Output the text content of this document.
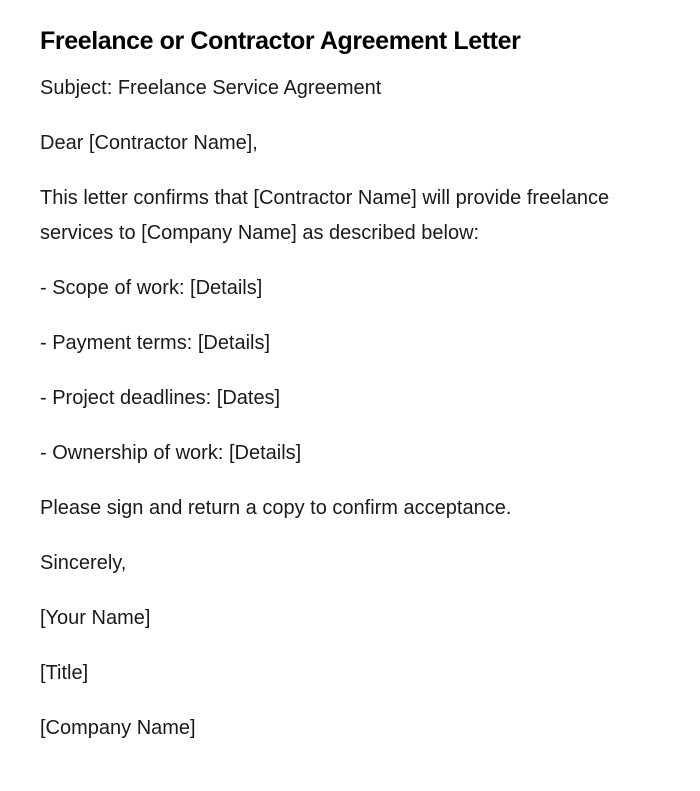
Freelance or Contractor Agreement Letter

Subject: Freelance Service Agreement

Dear [Contractor Name],

This letter confirms that [Contractor Name] will provide freelance services to [Company Name] as described below:

- Scope of work: [Details]

- Payment terms: [Details]

- Project deadlines: [Dates]

- Ownership of work: [Details]

Please sign and return a copy to confirm acceptance.

Sincerely,

[Your Name]

[Title]

[Company Name]
